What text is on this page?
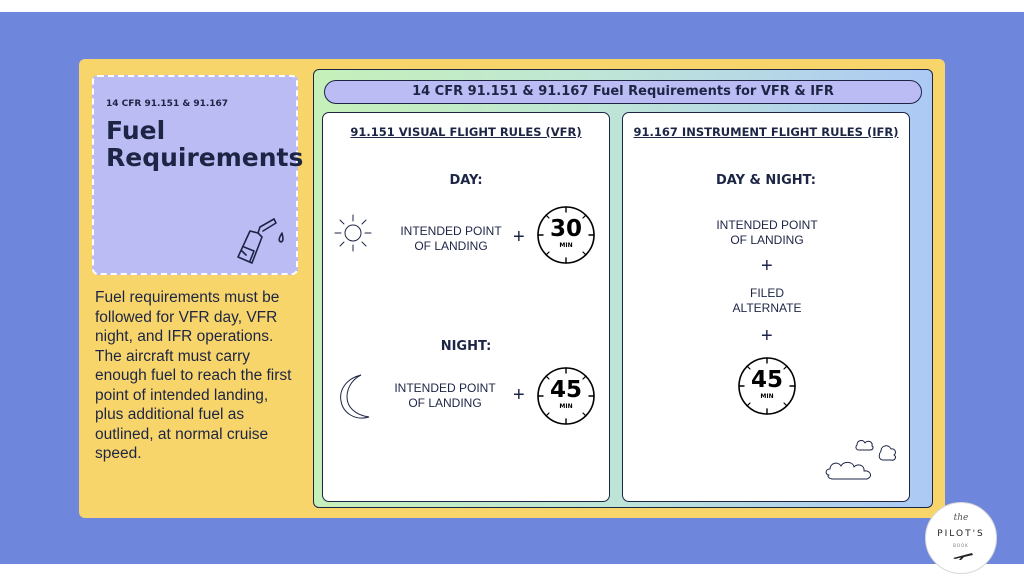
14 CFR 91.151 & 91.167
Fuel
Requirements
Fuel requirements must be followed for VFR day, VFR night, and IFR operations. The aircraft must carry enough fuel to reach the first point of intended landing, plus additional fuel as outlined, at normal cruise speed.
14 CFR 91.151 & 91.167 Fuel Requirements for VFR & IFR
91.151 VISUAL FLIGHT RULES (VFR)
DAY:
INTENDED POINT
OF LANDING	+	30
MIN
NIGHT:
INTENDED POINT
OF LANDING	+	45
MIN
91.167 INSTRUMENT FLIGHT RULES (IFR)
DAY & NIGHT:
INTENDED POINT
OF LANDING
+
FILED
ALTERNATE
+
45
MIN
the
PILOT'S
BOOK
